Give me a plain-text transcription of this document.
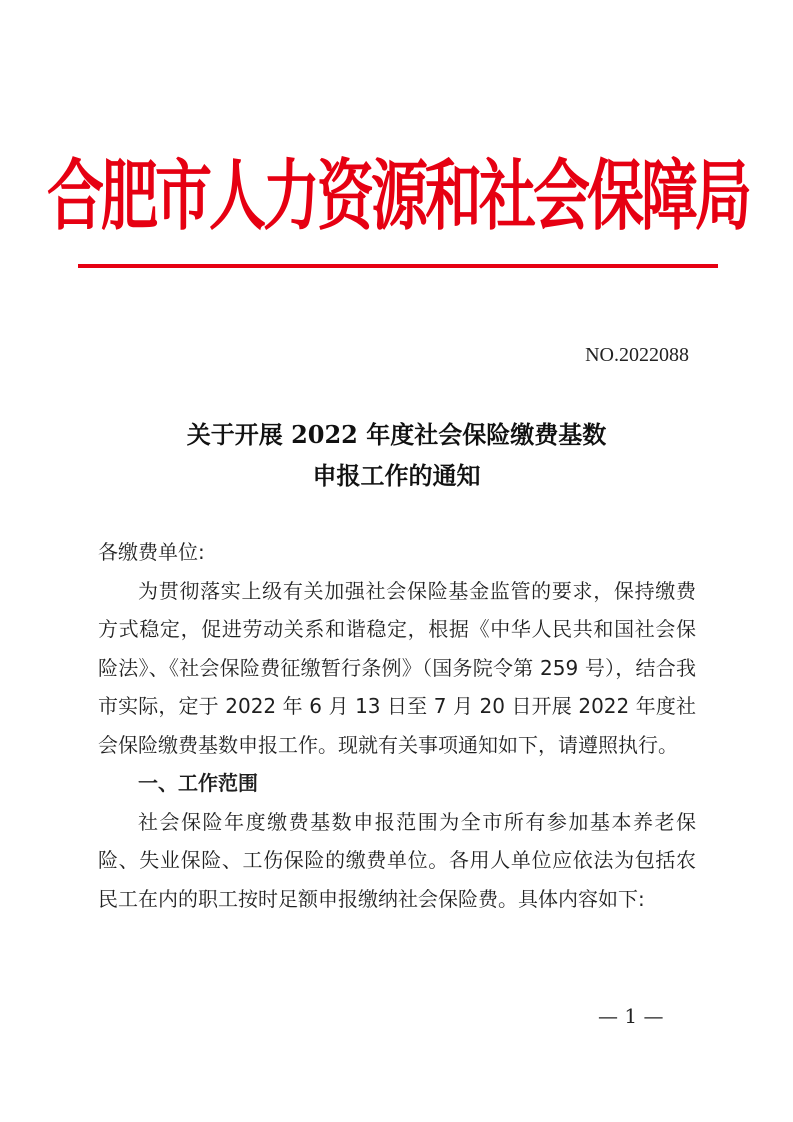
合肥市人力资源和社会保障局
NO.2022088
关于开展 2022 年度社会保险缴费基数
申报工作的通知

各缴费单位:

为贯彻落实上级有关加强社会保险基金监管的要求，保持缴费方式稳定，促进劳动关系和谐稳定，根据《中华人民共和国社会保险法》、《社会保险费征缴暂行条例》（国务院令第 259 号），结合我市实际，定于 2022 年 6 月 13 日至 7 月 20 日开展 2022 年度社会保险缴费基数申报工作。现就有关事项通知如下，请遵照执行。

一、工作范围

社会保险年度缴费基数申报范围为全市所有参加基本养老保险、失业保险、工伤保险的缴费单位。各用人单位应依法为包括农民工在内的职工按时足额申报缴纳社会保险费。具体内容如下:

— 1 —
